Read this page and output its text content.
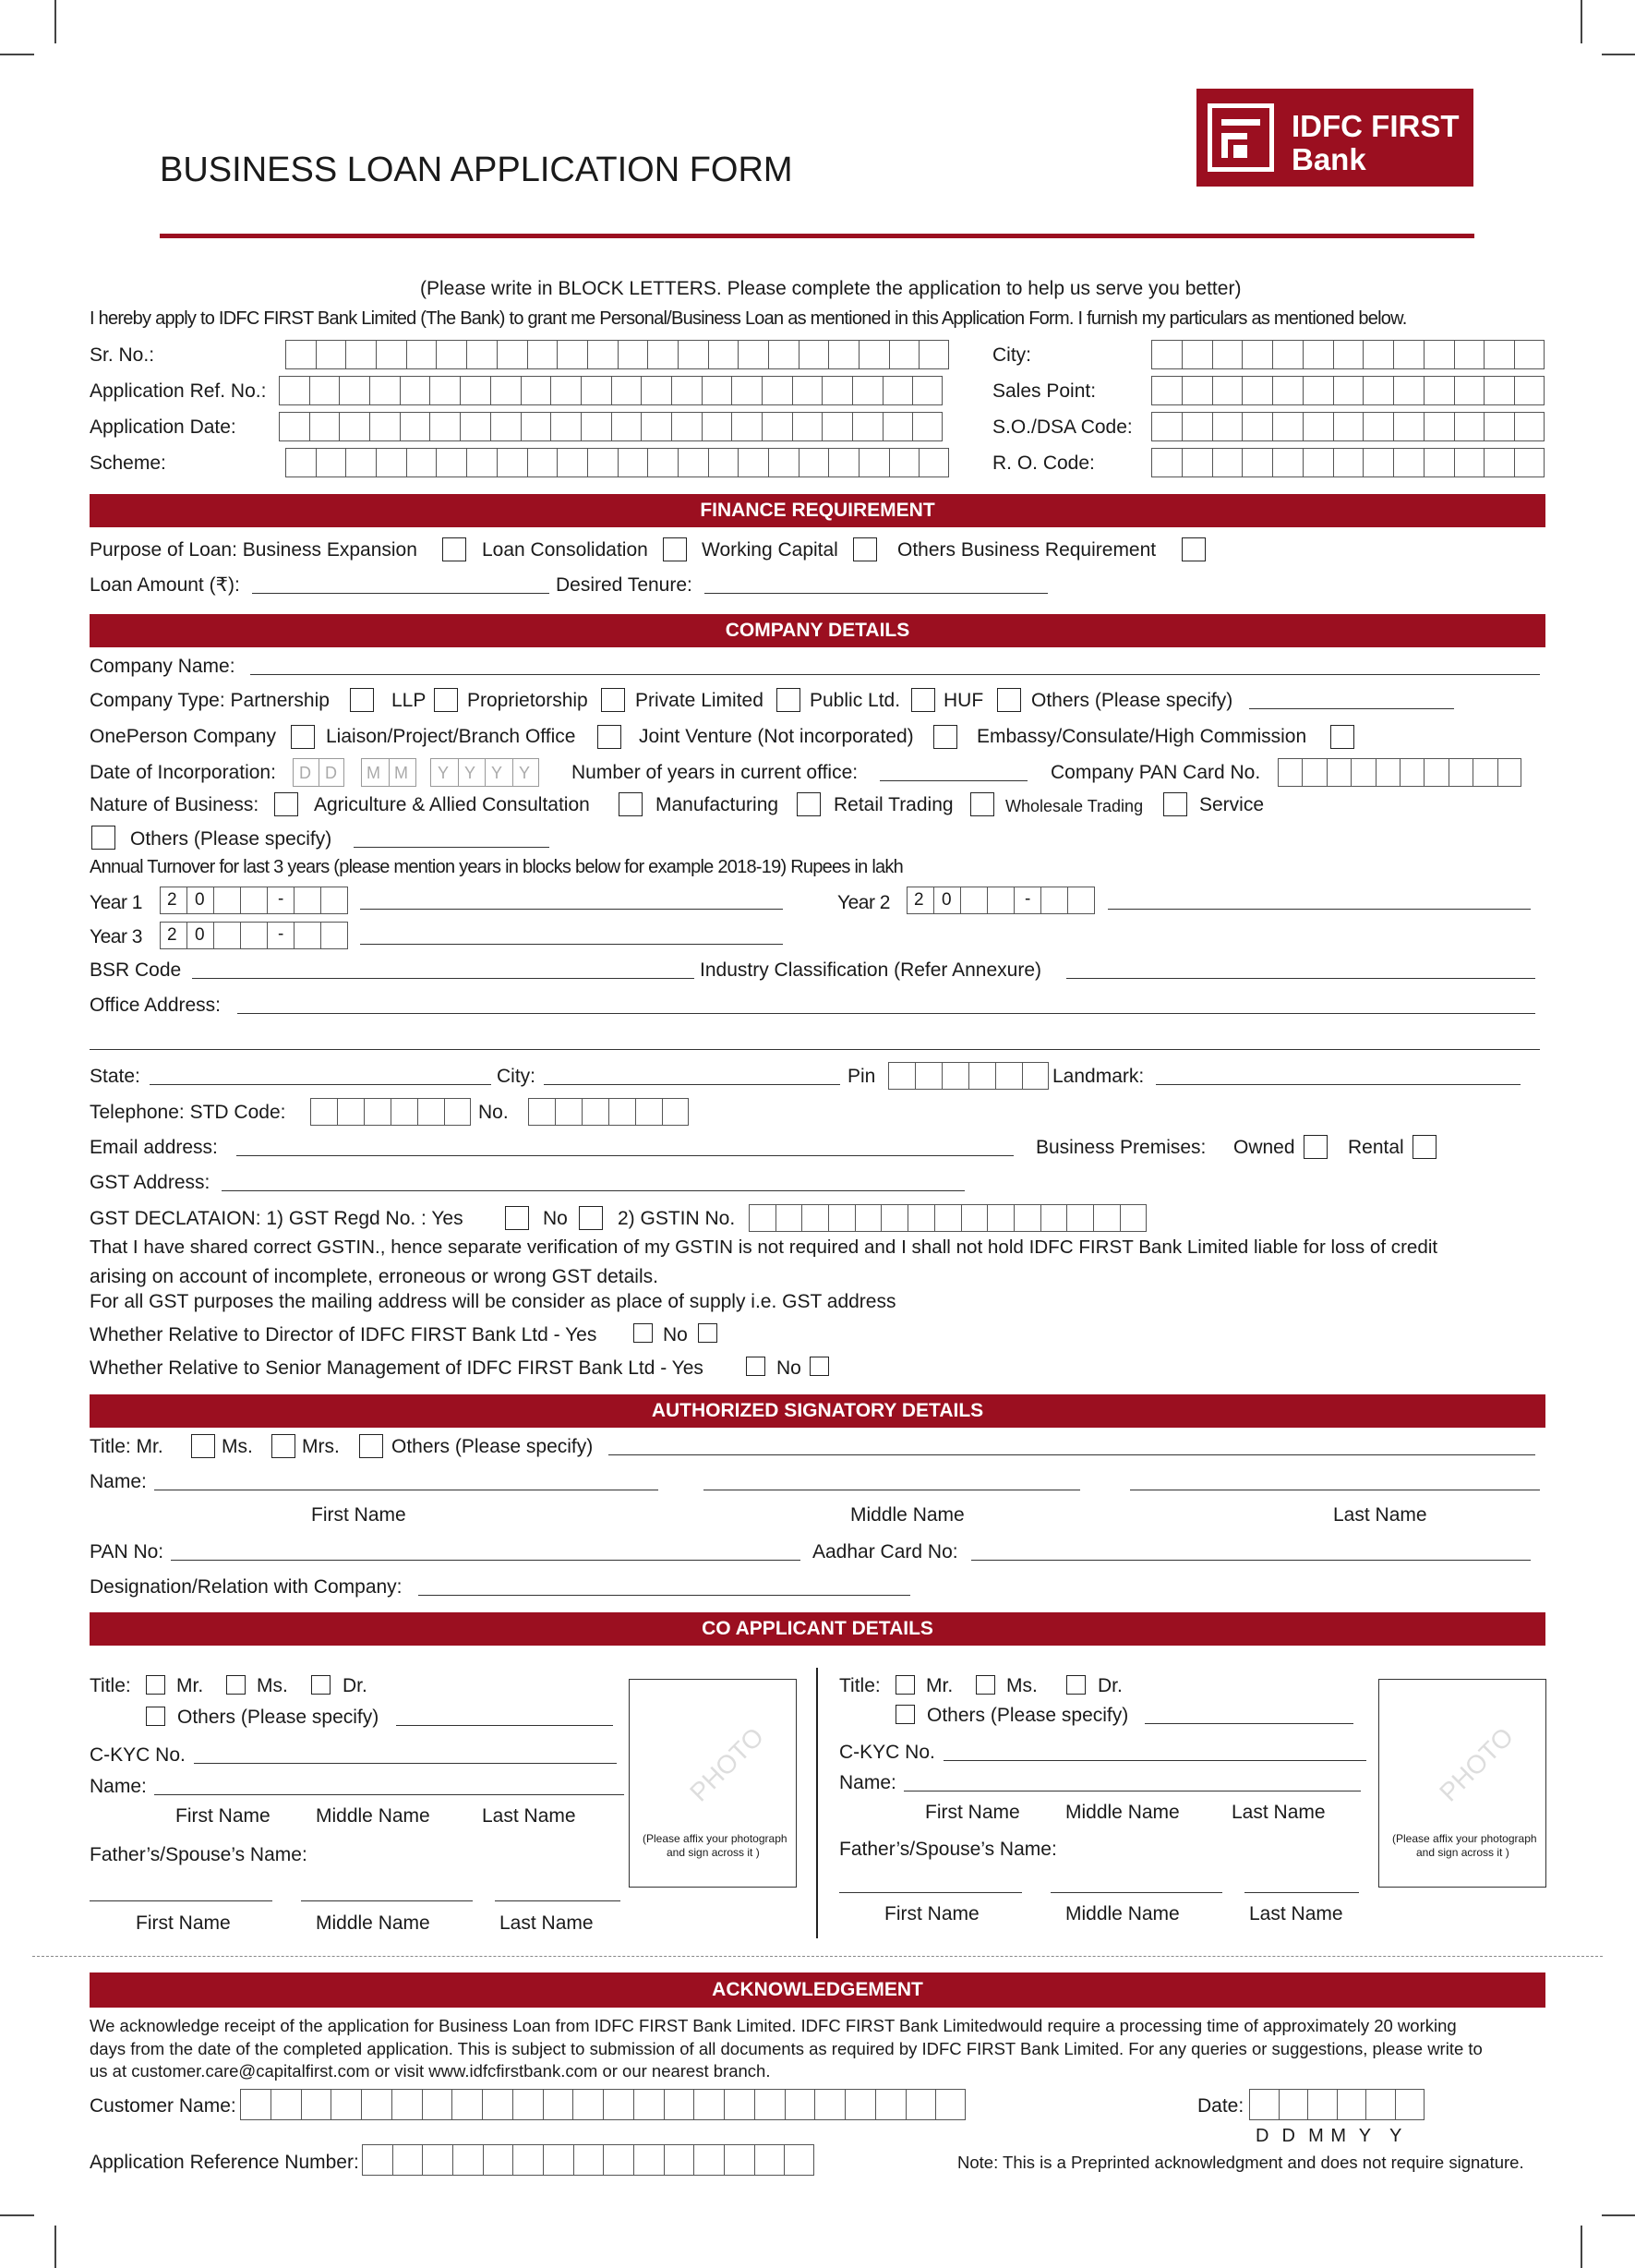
BUSINESS LOAN APPLICATION FORM
IDFC FIRST
Bank
(Please write in BLOCK LETTERS. Please complete the application to help us serve you better)
I hereby apply to IDFC FIRST Bank Limited (The Bank) to grant me Personal/Business Loan as mentioned in this Application Form. I furnish my particulars as mentioned below.
Sr. No.:
Application Ref. No.:
Application Date:
Scheme:
City:
Sales Point:
S.O./DSA Code:
R. O. Code:
FINANCE REQUIREMENT
Purpose of Loan: Business Expansion	Loan Consolidation	Working Capital	Others Business Requirement
Loan Amount (₹):	Desired Tenure:
COMPANY DETAILS
Company Name:
Company Type: Partnership	LLP Proprietorship Private Limited Public Ltd. HUF Others (Please specify)
OnePerson Company	Liaison/Project/Branch Office	Joint Venture (Not incorporated)	Embassy/Consulate/High Commission
Date of Incorporation: D D M M Y Y Y Y Number of years in current office:	Company PAN Card No.
Nature of Business:	Agriculture & Allied Consultation	Manufacturing	Retail Trading	Wholesale Trading	Service
Others (Please specify)
Annual Turnover for last 3 years (please mention years in blocks below for example 2018-19) Rupees in lakh
Year 1 2 0	-	Year 2 2 0	-
Year 3 2 0	-
BSR Code	Industry Classification (Refer Annexure)
Office Address:
State:	City:	Pin	Landmark:
Telephone: STD Code:	No.
Email address:	Business Premises: Owned	Rental
GST Address:
GST DECLATAION: 1) GST Regd No. : Yes	No	2) GSTIN No.
That I have shared correct GSTIN., hence separate verification of my GSTIN is not required and I shall not hold IDFC FIRST Bank Limited liable for loss of credit
arising on account of incomplete, erroneous or wrong GST details.
For all GST purposes the mailing address will be consider as place of supply i.e. GST address
Whether Relative to Director of IDFC FIRST Bank Ltd - Yes	No
Whether Relative to Senior Management of IDFC FIRST Bank Ltd - Yes	No
AUTHORIZED SIGNATORY DETAILS
Title: Mr.	Ms.	Mrs.	Others (Please specify)
Name:
First Name	Middle Name	Last Name
PAN No:	Aadhar Card No:
Designation/Relation with Company:
CO APPLICANT DETAILS
Title: Mr.	Ms.	Dr.
Others (Please specify)
C-KYC No.
Name:
First Name Middle Name	Last Name
Father’s/Spouse’s Name:
First Name	Middle Name	Last Name
PHOTO
(Please affix your photograph
and sign across it )
Title: Mr.	Ms.	Dr.
Others (Please specify)
C-KYC No.
Name:
First Name Middle Name	Last Name
Father’s/Spouse’s Name:
First Name	Middle Name	Last Name
PHOTO
(Please affix your photograph
and sign across it )
ACKNOWLEDGEMENT
We acknowledge receipt of the application for Business Loan from IDFC FIRST Bank Limited. IDFC FIRST Bank Limitedwould require a processing time of approximately 20 working
days from the date of the completed application. This is subject to submission of all documents as required by IDFC FIRST Bank Limited. For any queries or suggestions, please write to
us at customer.care@capitalfirst.com or visit www.idfcfirstbank.com or our nearest branch.
Customer Name:	Date:
D  D  M M  Y   Y
Application Reference Number:	Note: This is a Preprinted acknowledgment and does not require signature.
